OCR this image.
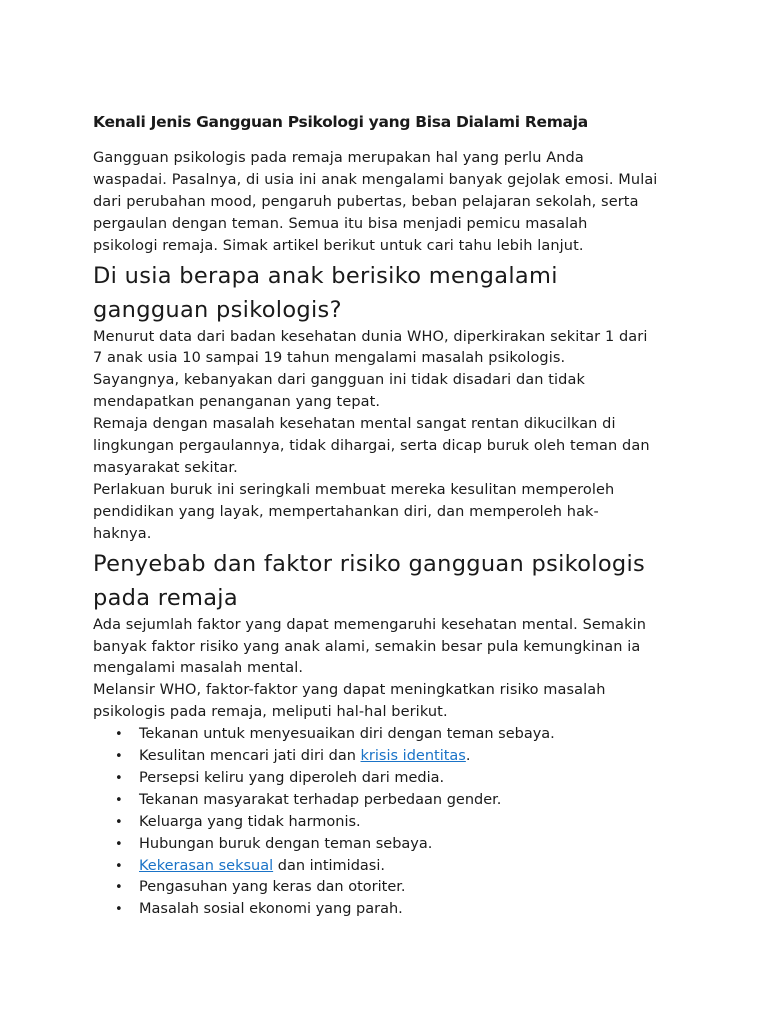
Kenali Jenis Gangguan Psikologi yang Bisa Dialami Remaja
Gangguan psikologis pada remaja merupakan hal yang perlu Anda
waspadai. Pasalnya, di usia ini anak mengalami banyak gejolak emosi. Mulai
dari perubahan mood, pengaruh pubertas, beban pelajaran sekolah, serta
pergaulan dengan teman. Semua itu bisa menjadi pemicu masalah
psikologi remaja. Simak artikel berikut untuk cari tahu lebih lanjut.
Di usia berapa anak berisiko mengalami
gangguan psikologis?
Menurut data dari badan kesehatan dunia WHO, diperkirakan sekitar 1 dari
7 anak usia 10 sampai 19 tahun mengalami masalah psikologis.
Sayangnya, kebanyakan dari gangguan ini tidak disadari dan tidak
mendapatkan penanganan yang tepat.
Remaja dengan masalah kesehatan mental sangat rentan dikucilkan di
lingkungan pergaulannya, tidak dihargai, serta dicap buruk oleh teman dan
masyarakat sekitar.
Perlakuan buruk ini seringkali membuat mereka kesulitan memperoleh
pendidikan yang layak, mempertahankan diri, dan memperoleh hak-
haknya.
Penyebab dan faktor risiko gangguan psikologis
pada remaja
Ada sejumlah faktor yang dapat memengaruhi kesehatan mental. Semakin
banyak faktor risiko yang anak alami, semakin besar pula kemungkinan ia
mengalami masalah mental.
Melansir WHO, faktor-faktor yang dapat meningkatkan risiko masalah
psikologis pada remaja, meliputi hal-hal berikut.
• Tekanan untuk menyesuaikan diri dengan teman sebaya.
• Kesulitan mencari jati diri dan krisis identitas.
• Persepsi keliru yang diperoleh dari media.
• Tekanan masyarakat terhadap perbedaan gender.
• Keluarga yang tidak harmonis.
• Hubungan buruk dengan teman sebaya.
• Kekerasan seksual dan intimidasi.
• Pengasuhan yang keras dan otoriter.
• Masalah sosial ekonomi yang parah.
